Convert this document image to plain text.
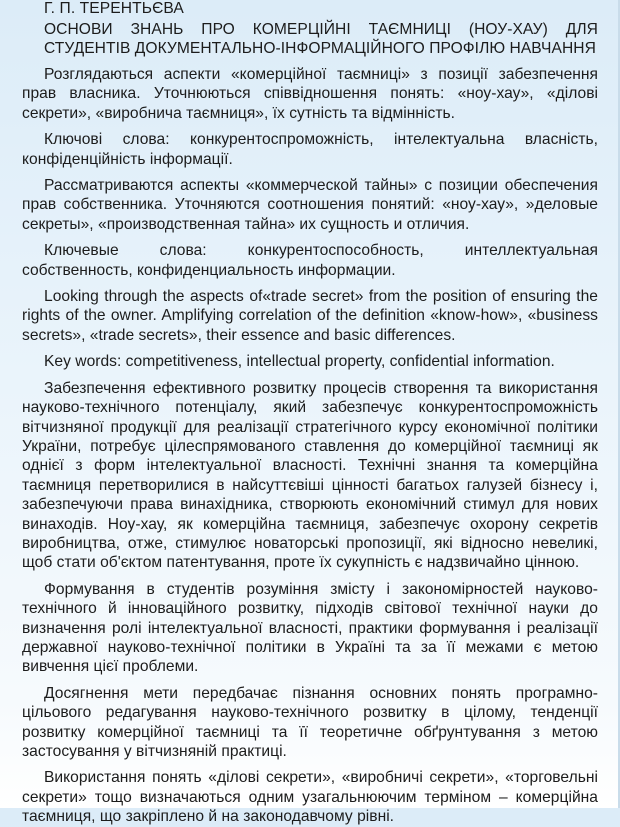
Г. П. ТЕРЕНТЬЄВА

ОСНОВИ ЗНАНЬ ПРО КОМЕРЦІЙНІ ТАЄМНИЦІ (НОУ-ХАУ) ДЛЯ СТУДЕНТІВ ДОКУМЕНТАЛЬНО-ІНФОРМАЦІЙНОГО ПРОФІЛЮ НАВЧАННЯ

Розглядаються аспекти «комерційної таємниці» з позиції забезпечення прав власника. Уточнюються співвідношення понять: «ноу-хау», «ділові секрети», «виробнича таємниця», їх сутність та відмінність.

Ключові слова: конкурентоспроможність, інтелектуальна власність, конфіденційність інформації.

Рассматриваются аспекты «коммерческой тайны» с позиции обеспечения прав собственника. Уточняются соотношения понятий: «ноу-хау», »деловые секреты», «производственная тайна» их сущность и отличия.

Ключевые слова: конкурентоспособность, интеллектуальная собственность, конфиденциальность информации.

Looking through the aspects of«trade secret» from the position of ensuring the rights of the owner. Amplifying correlation of the definition «know-how», «business secrets», «trade secrets», their essence and basic differences.

Key words: competitiveness, intellectual property, confidential information.

Забезпечення ефективного розвитку процесів створення та використання науково-технічного потенціалу, який забезпечує конкурентоспроможність вітчизняної продукції для реалізації стратегічного курсу економічної політики України, потребує цілеспрямованого ставлення до комерційної таємниці як однієї з форм інтелектуальної власності. Технічні знання та комерційна таємниця перетворилися в найсуттєвіші цінності багатьох галузей бізнесу і, забезпечуючи права винахідника, створюють економічний стимул для нових винаходів. Ноу-хау, як комерційна таємниця, забезпечує охорону секретів виробництва, отже, стимулює новаторські пропозиції, які відносно невеликі, щоб стати об'єктом патентування, проте їх сукупність є надзвичайно цінною.

Формування в студентів розуміння змісту і закономірностей науково-технічного й інноваційного розвитку, підходів світової технічної науки до визначення ролі інтелектуальної власності, практики формування і реалізації державної науково-технічної політики в Україні та за її межами є метою вивчення цієї проблеми.

Досягнення мети передбачає пізнання основних понять програмно-цільового редагування науково-технічного розвитку в цілому, тенденції розвитку комерційної таємниці та її теоретичне обґрунтування з метою застосування у вітчизняній практиці.

Використання понять «ділові секрети», «виробничі секрети», «торговельні секрети» тощо визначаються одним узагальнюючим терміном – комерційна таємниця, що закріплено й на законодавчому рівні.
